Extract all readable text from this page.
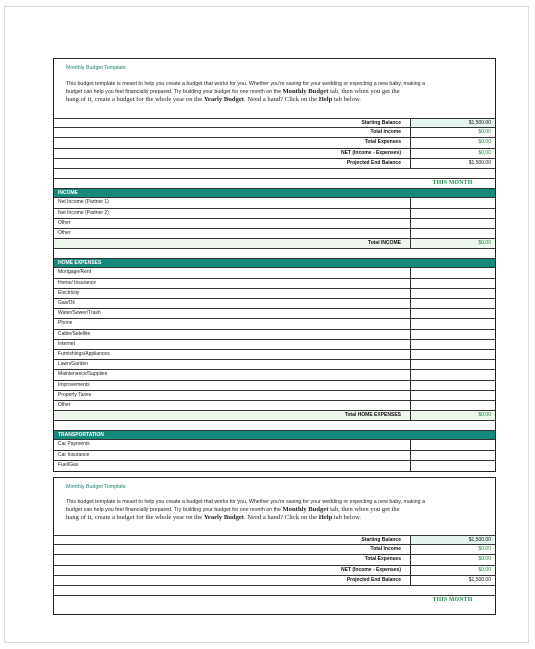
Monthly Budget Template
This budget template is meant to help you create a budget that works for you. Whether you're saving for your wedding or expecting a new baby, making a
budget can help you feel financially prepared. Try building your budget for one month on the Monthly Budget tab, then when you get the
hang of it, create a budget for the whole year on the Yearly Budget. Need a hand? Click on the Help tab below.
Starting Balance	$1,500.00
Total Income	$0.00
Total Expenses	$0.00
NET (Income - Expenses)	$0.00
Projected End Balance	$1,500.00
THIS MONTH
INCOME
Net Income (Partner 1)
Net Income (Partner 2)
Other
Other
Total INCOME	$0.00
HOME EXPENSES
Mortgage/Rent
Home/ Insurance
Electricity
Gas/Oil
Water/Sewer/Trash
Phone
Cable/Satellite
Internet
Furnishings/Appliances
Lawn/Garden
Maintenance/Supplies
Improvements
Property Taxes
Other
Total HOME EXPENSES	$0.00
TRANSPORTATION
Car Payments
Car Insurance
Fuel/Gas
Monthly Budget Template
This budget template is meant to help you create a budget that works for you. Whether you're saving for your wedding or expecting a new baby, making a
budget can help you feel financially prepared. Try building your budget for one month on the Monthly Budget tab, then when you get the
hang of it, create a budget for the whole year on the Yearly Budget. Need a hand? Click on the Help tab below.
Starting Balance	$1,500.00
Total Income	$0.00
Total Expenses	$0.00
NET (Income - Expenses)	$0.00
Projected End Balance	$1,500.00
THIS MONTH
